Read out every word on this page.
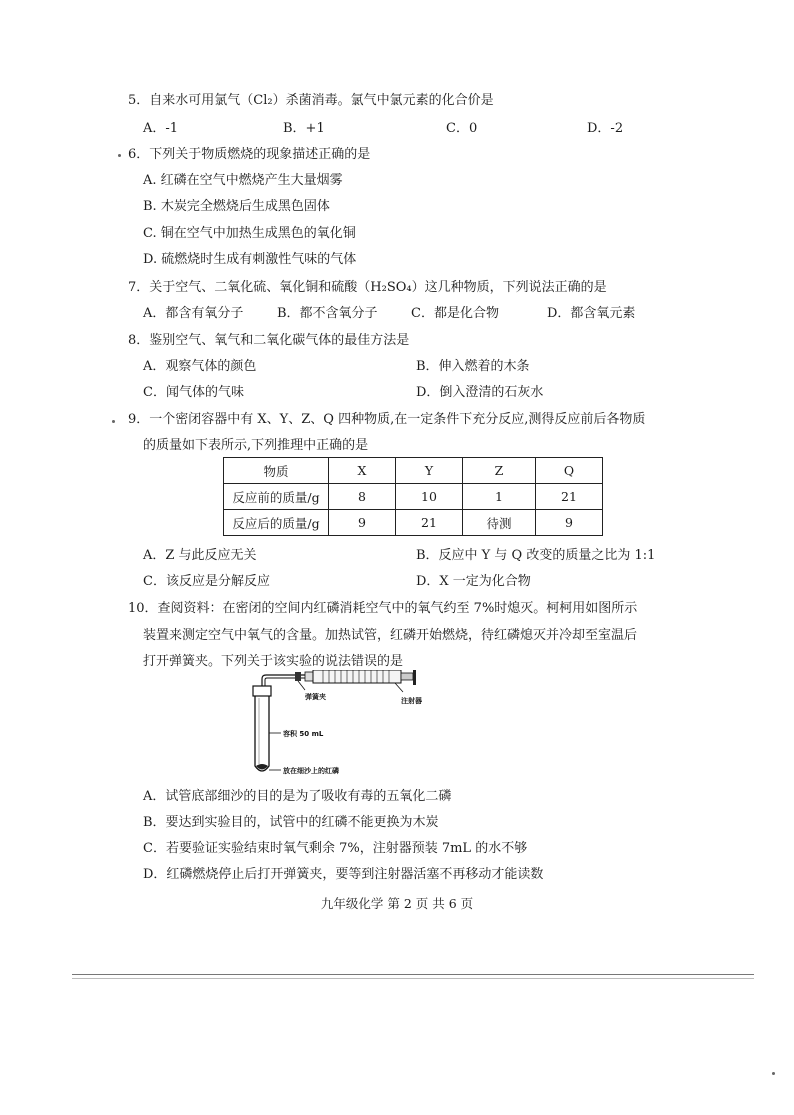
5．自来水可用氯气（Cl₂）杀菌消毒。氯气中氯元素的化合价是
A．-1	B．+1	C．0	D．-2
6．下列关于物质燃烧的现象描述正确的是
A. 红磷在空气中燃烧产生大量烟雾
B. 木炭完全燃烧后生成黑色固体
C. 铜在空气中加热生成黑色的氧化铜
D. 硫燃烧时生成有刺激性气味的气体
7．关于空气、二氧化硫、氧化铜和硫酸（H₂SO₄）这几种物质，下列说法正确的是
A．都含有氧分子	B．都不含氧分子	C．都是化合物	D．都含氧元素
8．鉴别空气、氧气和二氧化碳气体的最佳方法是
A．观察气体的颜色	B．伸入燃着的木条
C．闻气体的气味	D．倒入澄清的石灰水
9．一个密闭容器中有 X、Y、Z、Q 四种物质,在一定条件下充分反应,测得反应前后各物质
的质量如下表所示,下列推理中正确的是
物质	X	Y	Z	Q
反应前的质量/g	8	10	1	21
反应后的质量/g	9	21	待测	9
A．Z 与此反应无关	B．反应中 Y 与 Q 改变的质量之比为 1:1
C．该反应是分解反应	D．X 一定为化合物
10．查阅资料：在密闭的空间内红磷消耗空气中的氧气约至 7%时熄灭。柯柯用如图所示
装置来测定空气中氧气的含量。加热试管，红磷开始燃烧，待红磷熄灭并冷却至室温后
打开弹簧夹。下列关于该实验的说法错误的是
弹簧夹	注射器
容积 50 mL
放在细沙上的红磷
A．试管底部细沙的目的是为了吸收有毒的五氧化二磷
B．要达到实验目的，试管中的红磷不能更换为木炭
C．若要验证实验结束时氧气剩余 7%，注射器预装 7mL 的水不够
D．红磷燃烧停止后打开弹簧夹，要等到注射器活塞不再移动才能读数
九年级化学 第 2 页 共 6 页
